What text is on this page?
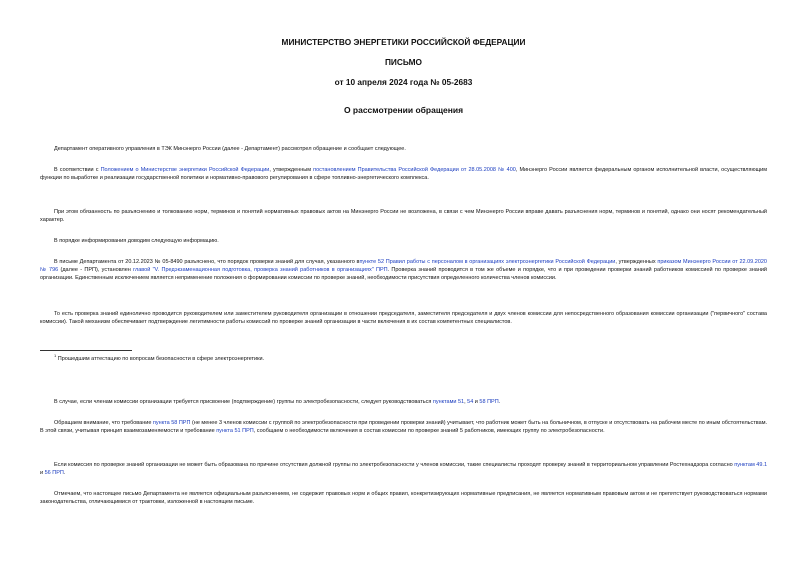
МИНИСТЕРСТВО ЭНЕРГЕТИКИ РОССИЙСКОЙ ФЕДЕРАЦИИ
ПИСЬМО
от 10 апреля 2024 года № 05-2683
О рассмотрении обращения

Департамент оперативного управления в ТЭК Минэнерго России (далее - Департамент) рассмотрел обращение и сообщает следующее.

В соответствии с Положением о Министерстве энергетики Российской Федерации, утвержденным постановлением Правительства Российской Федерации от 28.05.2008 № 400, Минэнерго России является федеральным органом исполнительной власти, осуществляющим функции по выработке и реализации государственной политики и нормативно-правового регулирования в сфере топливно-энергетического комплекса.

При этом обязанность по разъяснению и толкованию норм, терминов и понятий нормативных правовых актов на Минэнерго России не возложена, в связи с чем Минэнерго России вправе давать разъяснения норм, терминов и понятий, однако они носят рекомендательный характер.

В порядке информирования доводим следующую информацию.

В письме Департамента от 20.12.2023 № 05-8490 разъяснено, что порядок проверки знаний для случая, указанного впункте 52 Правил работы с персоналом в организациях электроэнергетики Российской Федерации, утвержденных приказом Минэнерго России от 22.09.2020 № 796 (далее - ПРП), установлен главой "V. Предэкзаменационная подготовка, проверка знаний работников в организациях" ПРП. Проверка знаний проводится в том же объеме и порядке, что и при проведении проверки знаний работников комиссией по проверке знаний организации. Единственным исключением является неприменение положения о формировании комиссии по проверке знаний, необходимости присутствия определенного количества членов комиссии.

То есть проверка знаний единолично проводится руководителем или заместителем руководителя организации в отношении председателя, заместителя председателя и двух членов комиссии для непосредственного образования комиссии организации ("первичного" состава комиссии). Такой механизм обеспечивает подтверждение легитимности работы комиссий по проверке знаний организации в части включения в их состав компетентных специалистов.

$^1$ Прошедшим аттестацию по вопросам безопасности в сфере электроэнергетики.

В случае, если членам комиссии организации требуется присвоение (подтверждение) группы по электробезопасности, следует руководствоваться пунктами 51, 54 и 58 ПРП.

Обращаем внимание, что требование пункта 58 ПРП (не менее 3 членов комиссии с группой по электробезопасности при проведении проверки знаний) учитывает, что работник может быть на больничном, в отпуске и отсутствовать на рабочем месте по иным обстоятельствам. В этой связи, учитывая принцип взаимозаменяемости и требование пункта 51 ПРП, сообщаем о необходимости включения в состав комиссии по проверке знаний 5 работников, имеющих группу по электробезопасности.

Если комиссия по проверке знаний организации не может быть образована по причине отсутствия должной группы по электробезопасности у членов комиссии, такие специалисты проходят проверку знаний в территориальном управлении Ростехнадзора согласно пунктам 49.1 и 56 ПРП.

Отмечаем, что настоящее письмо Департамента не является официальным разъяснением, не содержит правовых норм и общих правил, конкретизирующих нормативные предписания, не является нормативным правовым актом и не препятствует руководствоваться нормами законодательства, отличающимися от трактовки, изложенной в настоящем письме.
